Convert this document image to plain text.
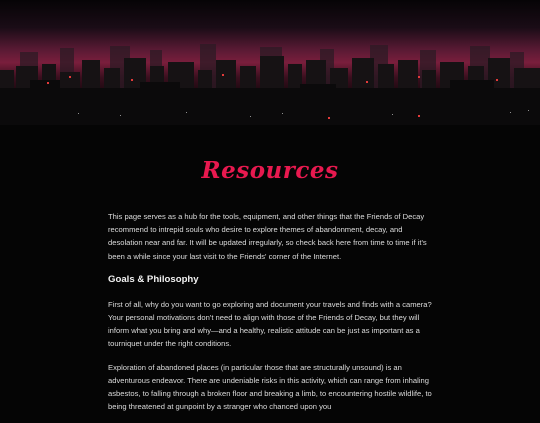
Resources

This page serves as a hub for the tools, equipment, and other things that the Friends of Decay recommend to intrepid souls who desire to explore themes of abandonment, decay, and desolation near and far. It will be updated irregularly, so check back here from time to time if it's been a while since your last visit to the Friends' corner of the Internet.

Goals & Philosophy

First of all, why do you want to go exploring and document your travels and finds with a camera? Your personal motivations don't need to align with those of the Friends of Decay, but they will inform what you bring and why—and a healthy, realistic attitude can be just as important as a tourniquet under the right conditions.

Exploration of abandoned places (in particular those that are structurally unsound) is an adventurous endeavor. There are undeniable risks in this activity, which can range from inhaling asbestos, to falling through a broken floor and breaking a limb, to encountering hostile wildlife, to being threatened at gunpoint by a stranger who chanced upon you
